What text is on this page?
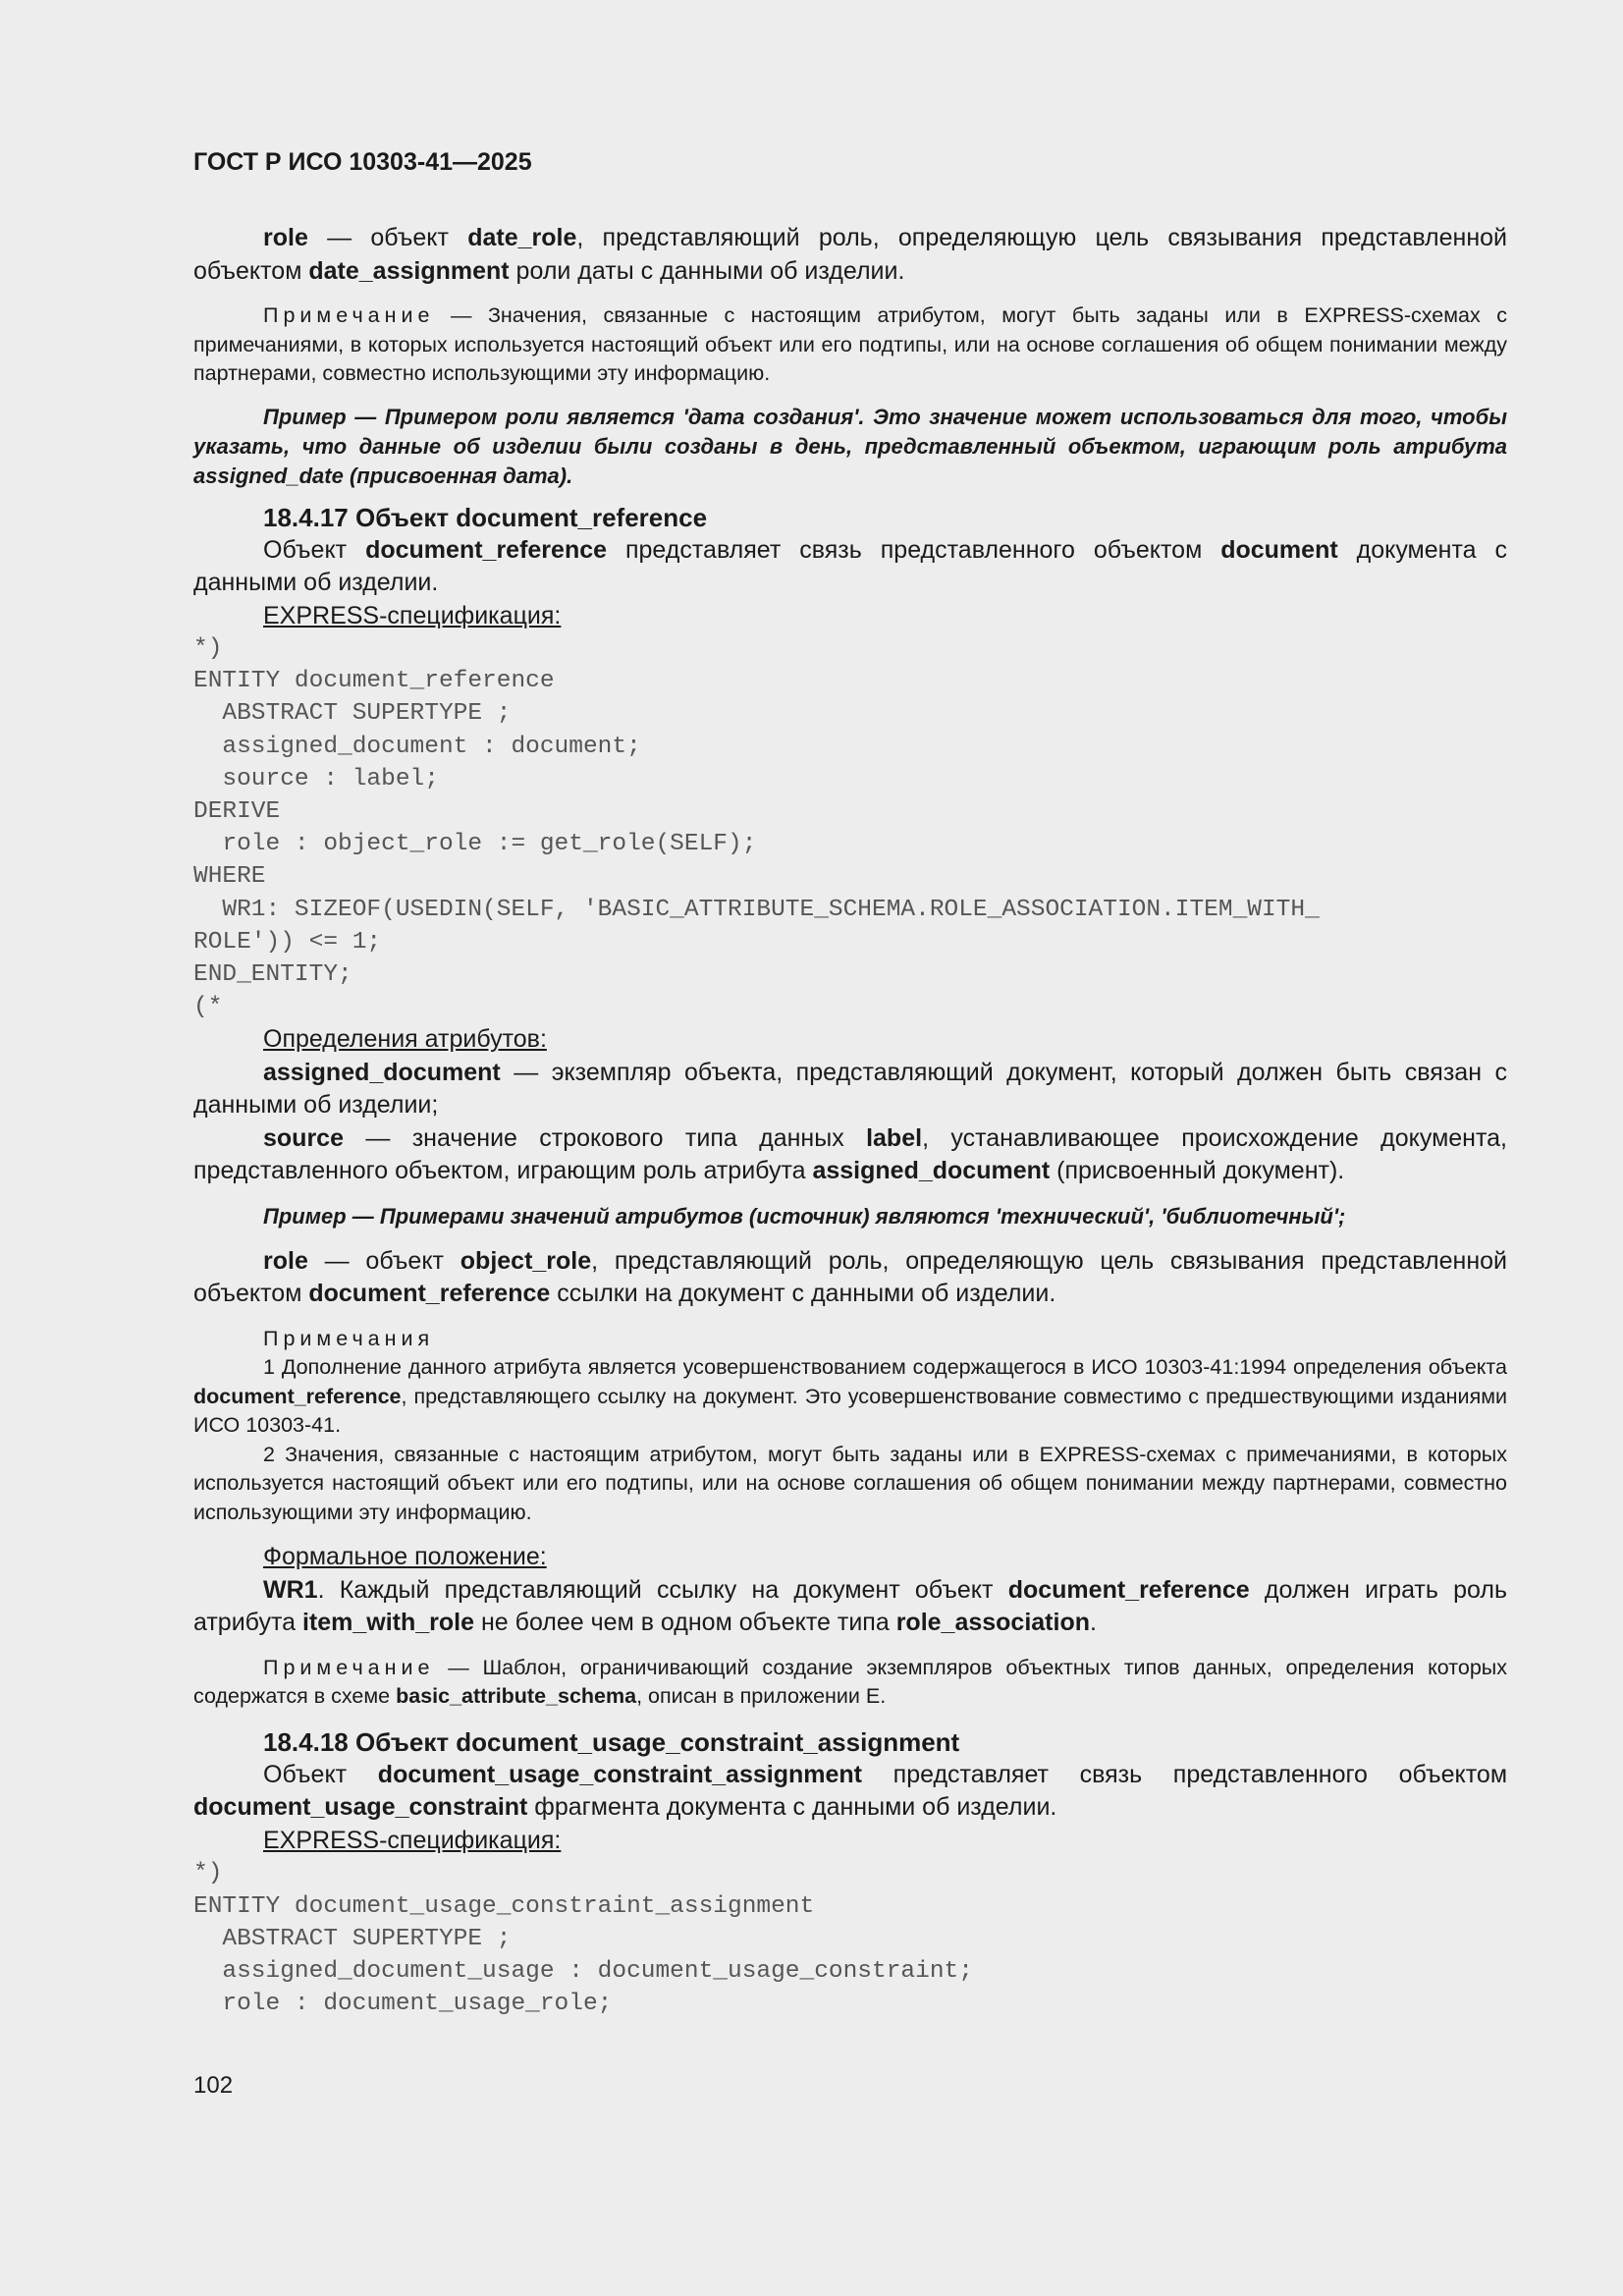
ГОСТ Р ИСО 10303-41—2025

role — объект date_role, представляющий роль, определяющую цель связывания представленной объектом date_assignment роли даты с данными об изделии.

Примечание — Значения, связанные с настоящим атрибутом, могут быть заданы или в EXPRESS-схемах с примечаниями, в которых используется настоящий объект или его подтипы, или на основе соглашения об общем понимании между партнерами, совместно использующими эту информацию.

Пример — Примером роли является 'дата создания'. Это значение может использоваться для того, чтобы указать, что данные об изделии были созданы в день, представленный объектом, играющим роль атрибута assigned_date (присвоенная дата).

18.4.17 Объект document_reference

Объект document_reference представляет связь представленного объектом document документа с данными об изделии.

EXPRESS-спецификация:

*)
ENTITY document_reference
ABSTRACT SUPERTYPE ;
assigned_document : document;
source : label;
DERIVE
role : object_role := get_role(SELF);
WHERE
WR1: SIZEOF(USEDIN(SELF, 'BASIC_ATTRIBUTE_SCHEMA.ROLE_ASSOCIATION.ITEM_WITH_
ROLE')) <= 1;
END_ENTITY;
(*

Определения атрибутов:

assigned_document — экземпляр объекта, представляющий документ, который должен быть связан с данными об изделии;

source — значение строкового типа данных label, устанавливающее происхождение документа, представленного объектом, играющим роль атрибута assigned_document (присвоенный документ).

Пример — Примерами значений атрибутов (источник) являются 'технический', 'библиотечный';

role — объект object_role, представляющий роль, определяющую цель связывания представленной объектом document_reference ссылки на документ с данными об изделии.

Примечания

1 Дополнение данного атрибута является усовершенствованием содержащегося в ИСО 10303-41:1994 определения объекта document_reference, представляющего ссылку на документ. Это усовершенствование совместимо с предшествующими изданиями ИСО 10303-41.

2 Значения, связанные с настоящим атрибутом, могут быть заданы или в EXPRESS-схемах с примечаниями, в которых используется настоящий объект или его подтипы, или на основе соглашения об общем понимании между партнерами, совместно использующими эту информацию.

Формальное положение:

WR1. Каждый представляющий ссылку на документ объект document_reference должен играть роль атрибута item_with_role не более чем в одном объекте типа role_association.

Примечание — Шаблон, ограничивающий создание экземпляров объектных типов данных, определения которых содержатся в схеме basic_attribute_schema, описан в приложении Е.

18.4.18 Объект document_usage_constraint_assignment

Объект document_usage_constraint_assignment представляет связь представленного объектом document_usage_constraint фрагмента документа с данными об изделии.

EXPRESS-спецификация:

*)
ENTITY document_usage_constraint_assignment
ABSTRACT SUPERTYPE ;
assigned_document_usage : document_usage_constraint;
role : document_usage_role;
102
